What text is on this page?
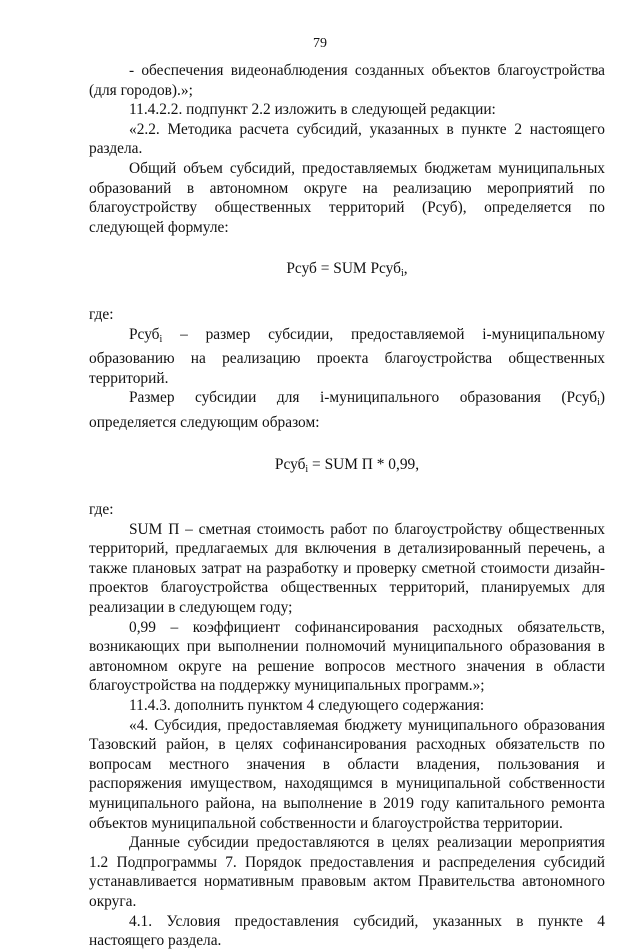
79

- обеспечения видеонаблюдения созданных объектов благоустройства (для городов).»;

11.4.2.2. подпункт 2.2 изложить в следующей редакции:

«2.2. Методика расчета субсидий, указанных в пункте 2 настоящего раздела.

Общий объем субсидий, предоставляемых бюджетам муниципальных образований в автономном округе на реализацию мероприятий по благоустройству общественных территорий (Рсуб), определяется по следующей формуле:

Рсуб = SUM Рсуб$_i$,

где:

Рсуб$_i$ – размер субсидии, предоставляемой i-муниципальному образованию на реализацию проекта благоустройства общественных территорий.

Размер субсидии для i-муниципального образования (Рсуб$_i$) определяется следующим образом:

Рсуб$_i$ = SUM П * 0,99,

где:

SUM П – сметная стоимость работ по благоустройству общественных территорий, предлагаемых для включения в детализированный перечень, а также плановых затрат на разработку и проверку сметной стоимости дизайн-проектов благоустройства общественных территорий, планируемых для реализации в следующем году;

0,99 – коэффициент софинансирования расходных обязательств, возникающих при выполнении полномочий муниципального образования в автономном округе на решение вопросов местного значения в области благоустройства на поддержку муниципальных программ.»;

11.4.3. дополнить пунктом 4 следующего содержания:

«4. Субсидия, предоставляемая бюджету муниципального образования Тазовский район, в целях софинансирования расходных обязательств по вопросам местного значения в области владения, пользования и распоряжения имуществом, находящимся в муниципальной собственности муниципального района, на выполнение в 2019 году капитального ремонта объектов муниципальной собственности и благоустройства территории.

Данные субсидии предоставляются в целях реализации мероприятия 1.2 Подпрограммы 7. Порядок предоставления и распределения субсидий устанавливается нормативным правовым актом Правительства автономного округа.

4.1. Условия предоставления субсидий, указанных в пункте 4 настоящего раздела.
